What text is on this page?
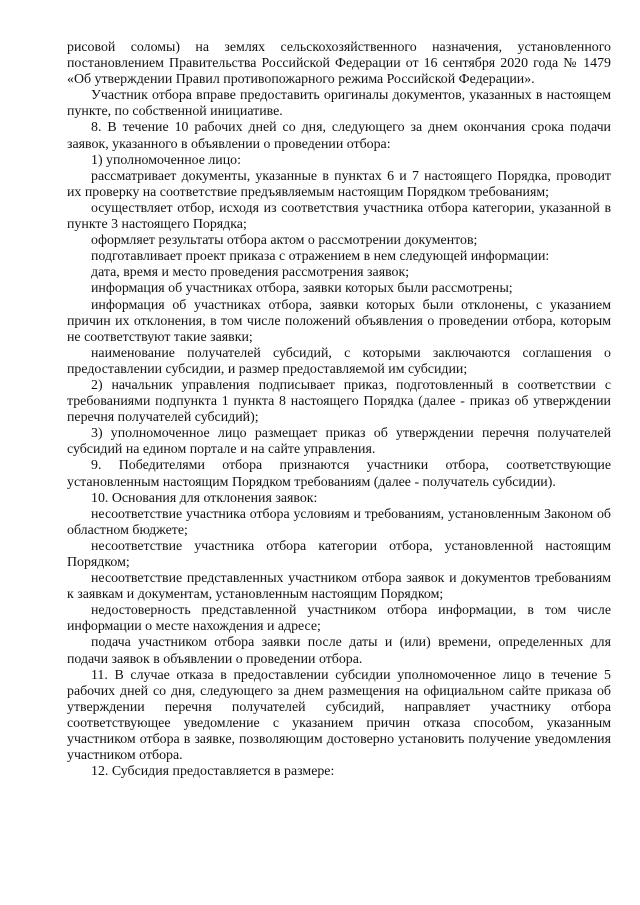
рисовой соломы) на землях сельскохозяйственного назначения, установленного постановлением Правительства Российской Федерации от 16 сентября 2020 года № 1479 «Об утверждении Правил противопожарного режима Российской Федерации».

Участник отбора вправе предоставить оригиналы документов, указанных в настоящем пункте, по собственной инициативе.

8. В течение 10 рабочих дней со дня, следующего за днем окончания срока подачи заявок, указанного в объявлении о проведении отбора:

1) уполномоченное лицо:

рассматривает документы, указанные в пунктах 6 и 7 настоящего Порядка, проводит их проверку на соответствие предъявляемым настоящим Порядком требованиям;

осуществляет отбор, исходя из соответствия участника отбора категории, указанной в пункте 3 настоящего Порядка;

оформляет результаты отбора актом о рассмотрении документов;

подготавливает проект приказа с отражением в нем следующей информации:

дата, время и место проведения рассмотрения заявок;

информация об участниках отбора, заявки которых были рассмотрены;

информация об участниках отбора, заявки которых были отклонены, с указанием причин их отклонения, в том числе положений объявления о проведении отбора, которым не соответствуют такие заявки;

наименование получателей субсидий, с которыми заключаются соглашения о предоставлении субсидии, и размер предоставляемой им субсидии;

2) начальник управления подписывает приказ, подготовленный в соответствии с требованиями подпункта 1 пункта 8 настоящего Порядка (далее - приказ об утверждении перечня получателей субсидий);

3) уполномоченное лицо размещает приказ об утверждении перечня получателей субсидий на едином портале и на сайте управления.

9. Победителями отбора признаются участники отбора, соответствующие установленным настоящим Порядком требованиям (далее - получатель субсидии).

10. Основания для отклонения заявок:

несоответствие участника отбора условиям и требованиям, установленным Законом об областном бюджете;

несоответствие участника отбора категории отбора, установленной настоящим Порядком;

несоответствие представленных участником отбора заявок и документов требованиям к заявкам и документам, установленным настоящим Порядком;

недостоверность представленной участником отбора информации, в том числе информации о месте нахождения и адресе;

подача участником отбора заявки после даты и (или) времени, определенных для подачи заявок в объявлении о проведении отбора.

11. В случае отказа в предоставлении субсидии уполномоченное лицо в течение 5 рабочих дней со дня, следующего за днем размещения на официальном сайте приказа об утверждении перечня получателей субсидий, направляет участнику отбора соответствующее уведомление с указанием причин отказа способом, указанным участником отбора в заявке, позволяющим достоверно установить получение уведомления участником отбора.

12. Субсидия предоставляется в размере:
